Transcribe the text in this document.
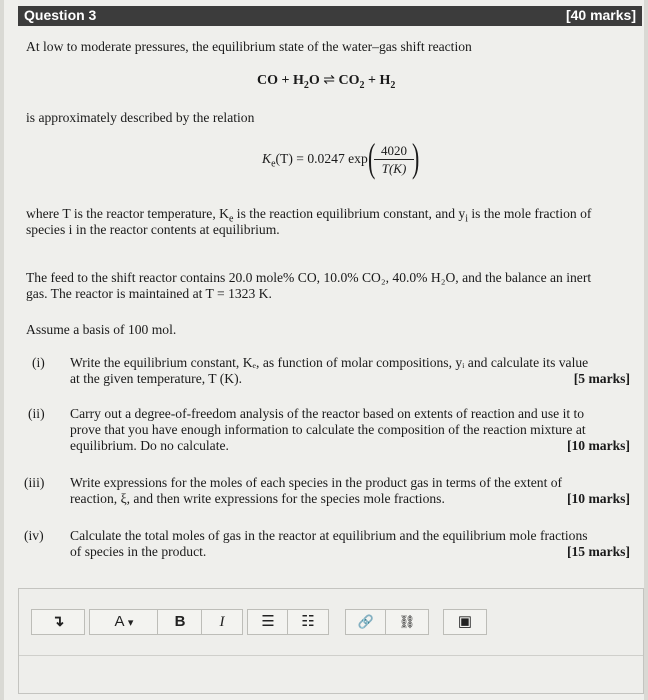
Question 3	[40 marks]
At low to moderate pressures, the equilibrium state of the water–gas shift reaction
CO + $H_2O$ ⇌ $CO_2 + H_2$
is approximately described by the relation
$K_e(T) = 0.0247$ exp (
$\frac{4020}{T(K)}$
)
where T is the reactor temperature, $K_e$ is the reaction equilibrium constant, and $y_i$ is the mole fraction of
species i in the reactor contents at equilibrium.
The feed to the shift reactor contains 20.0 mole% CO, 10.0% CO₂, 40.0% H₂O, and the balance an inert
gas. The reactor is maintained at T = 1323 K.
Assume a basis of 100 mol.
(i) Write the equilibrium constant, Kₑ, as function of molar compositions, yᵢ and calculate its value
at the given temperature, T (K).	[5 marks]
(ii) Carry out a degree-of-freedom analysis of the reactor based on extents of reaction and use it to
prove that you have enough information to calculate the composition of the reaction mixture at
equilibrium. Do no calculate.	[10 marks]
(iii) Write expressions for the moles of each species in the product gas in terms of the extent of
reaction, ξ, and then write expressions for the species mole fractions.	[10 marks]
(iv) Calculate the total moles of gas in the reactor at equilibrium and the equilibrium mole fractions
of species in the product.	[15 marks]
↴	A ▾	B	I	☰	☷	🔗	⛓	▣
